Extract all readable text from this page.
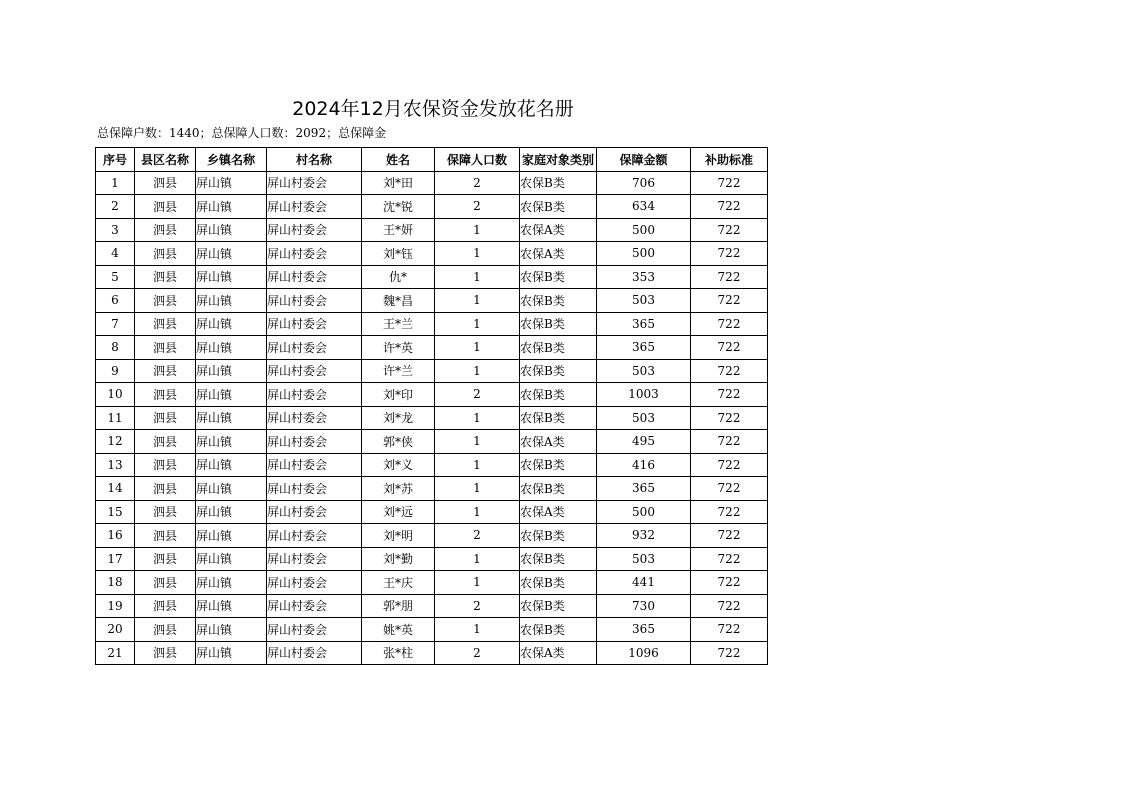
2024年12月农保资金发放花名册
总保障户数：1440；总保障人口数：2092；总保障金
序号	县区名称	乡镇名称	村名称	姓名	保障人口数	家庭对象类别	保障金额	补助标准
1	泗县	屏山镇	屏山村委会	刘*田	2	农保B类	706	722
2	泗县	屏山镇	屏山村委会	沈*锐	2	农保B类	634	722
3	泗县	屏山镇	屏山村委会	王*妍	1	农保A类	500	722
4	泗县	屏山镇	屏山村委会	刘*钰	1	农保A类	500	722
5	泗县	屏山镇	屏山村委会	仇*	1	农保B类	353	722
6	泗县	屏山镇	屏山村委会	魏*昌	1	农保B类	503	722
7	泗县	屏山镇	屏山村委会	王*兰	1	农保B类	365	722
8	泗县	屏山镇	屏山村委会	许*英	1	农保B类	365	722
9	泗县	屏山镇	屏山村委会	许*兰	1	农保B类	503	722
10	泗县	屏山镇	屏山村委会	刘*印	2	农保B类	1003	722
11	泗县	屏山镇	屏山村委会	刘*龙	1	农保B类	503	722
12	泗县	屏山镇	屏山村委会	郭*侠	1	农保A类	495	722
13	泗县	屏山镇	屏山村委会	刘*义	1	农保B类	416	722
14	泗县	屏山镇	屏山村委会	刘*苏	1	农保B类	365	722
15	泗县	屏山镇	屏山村委会	刘*远	1	农保A类	500	722
16	泗县	屏山镇	屏山村委会	刘*明	2	农保B类	932	722
17	泗县	屏山镇	屏山村委会	刘*勤	1	农保B类	503	722
18	泗县	屏山镇	屏山村委会	王*庆	1	农保B类	441	722
19	泗县	屏山镇	屏山村委会	郭*朋	2	农保B类	730	722
20	泗县	屏山镇	屏山村委会	姚*英	1	农保B类	365	722
21	泗县	屏山镇	屏山村委会	张*柱	2	农保A类	1096	722
